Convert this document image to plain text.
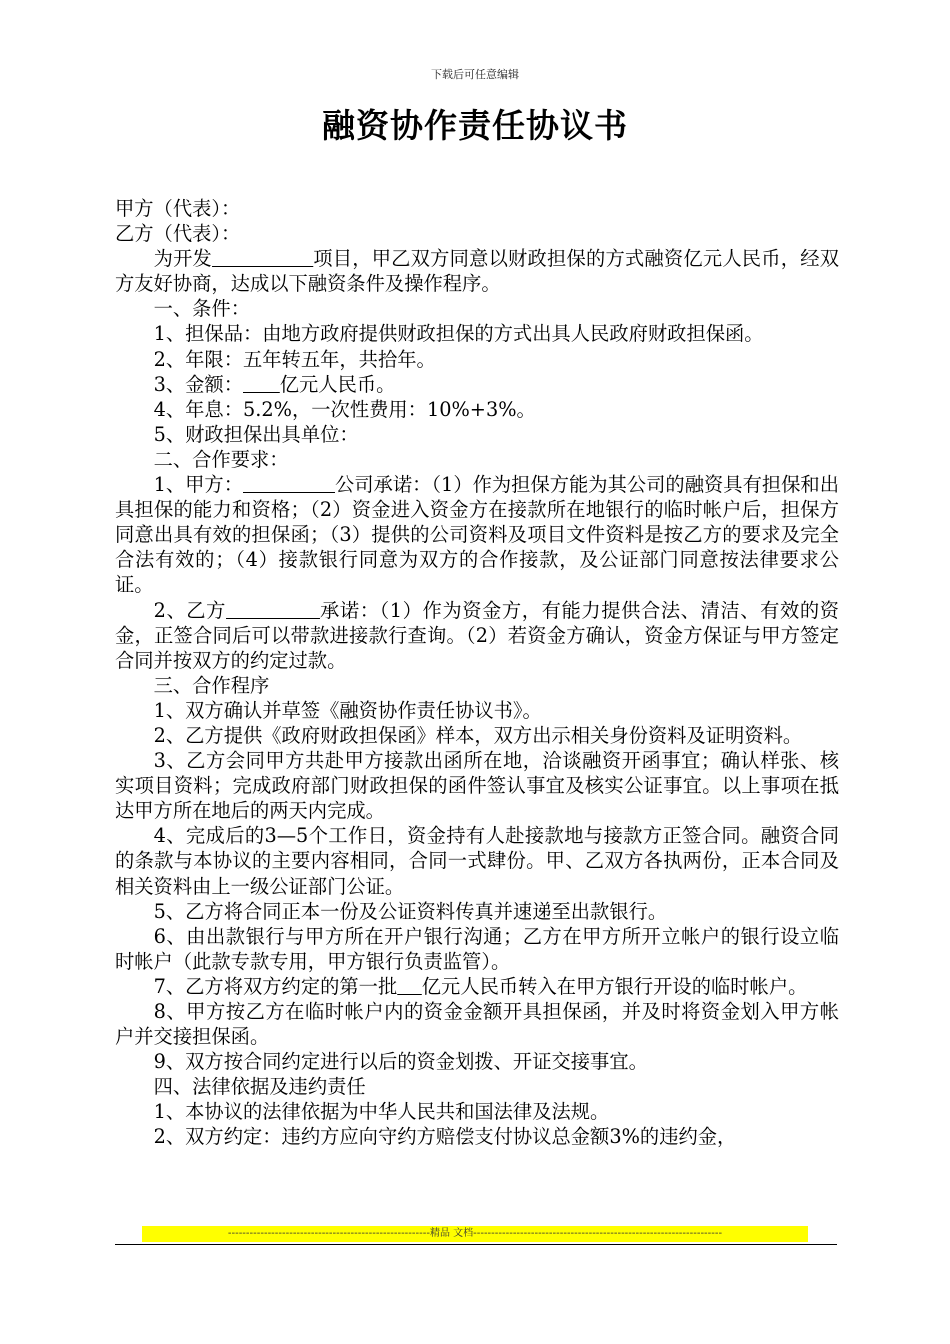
下载后可任意编辑
融资协作责任协议书

甲方（代表）：

乙方（代表）：

为开发	项目，甲乙双方同意以财政担保的方式融资亿元人民币，经双方友好协商，达成以下融资条件及操作程序。

一、条件：

1、担保品：由地方政府提供财政担保的方式出具人民政府财政担保函。

2、年限：五年转五年，共拾年。

3、金额： 亿元人民币。

4、年息：5.2%，一次性费用：10%+3%。

5、财政担保出具单位：

二、合作要求：

1、甲方：	公司承诺：（1）作为担保方能为其公司的融资具有担保和出具担保的能力和资格；（2）资金进入资金方在接款所在地银行的临时帐户后，担保方同意出具有效的担保函；（3）提供的公司资料及项目文件资料是按乙方的要求及完全合法有效的；（4）接款银行同意为双方的合作接款，及公证部门同意按法律要求公证。

2、乙方	承诺：（1）作为资金方，有能力提供合法、清洁、有效的资金，正签合同后可以带款进接款行查询。（2）若资金方确认，资金方保证与甲方签定合同并按双方的约定过款。

三、合作程序

1、双方确认并草签《融资协作责任协议书》。

2、乙方提供《政府财政担保函》样本，双方出示相关身份资料及证明资料。

3、乙方会同甲方共赴甲方接款出函所在地，洽谈融资开函事宜；确认样张、核实项目资料；完成政府部门财政担保的函件签认事宜及核实公证事宜。以上事项在抵达甲方所在地后的两天内完成。

4、完成后的3—5个工作日，资金持有人赴接款地与接款方正签合同。融资合同的条款与本协议的主要内容相同，合同一式肆份。甲、乙双方各执两份，正本合同及相关资料由上一级公证部门公证。

5、乙方将合同正本一份及公证资料传真并速递至出款银行。

6、由出款银行与甲方所在开户银行沟通；乙方在甲方所开立帐户的银行设立临时帐户（此款专款专用，甲方银行负责监管）。

7、乙方将双方约定的第一批 亿元人民币转入在甲方银行开设的临时帐户。

8、甲方按乙方在临时帐户内的资金金额开具担保函，并及时将资金划入甲方帐户并交接担保函。

9、双方按合同约定进行以后的资金划拨、开证交接事宜。

四、法律依据及违约责任

1、本协议的法律依据为中华人民共和国法律及法规。

2、双方约定：违约方应向守约方赔偿支付协议总金额3%的违约金，

--------------------------------------------------------精品 文档---------------------------------------------------------------------
